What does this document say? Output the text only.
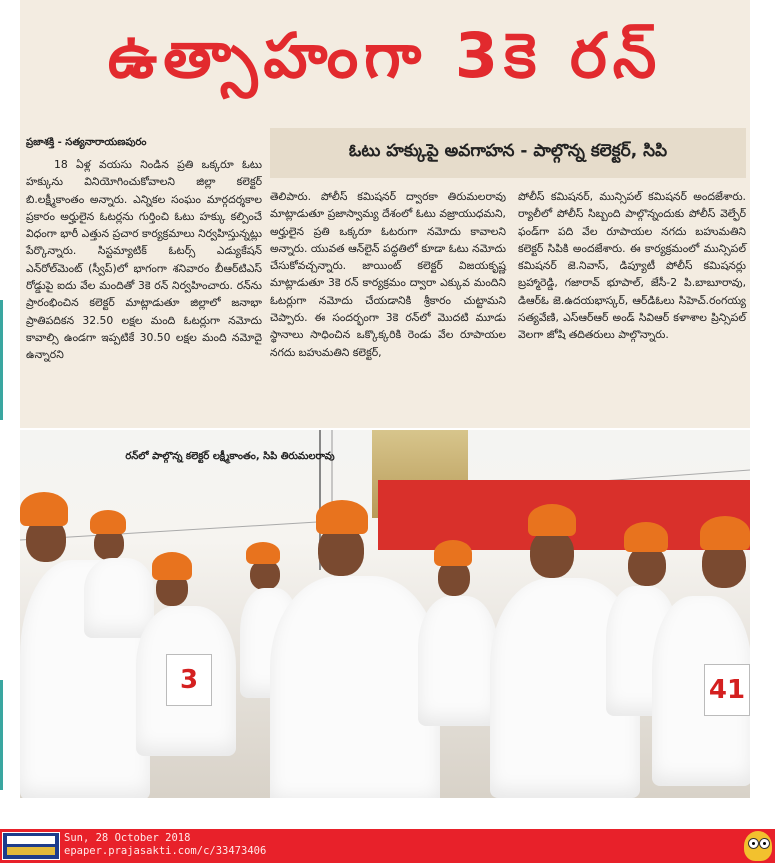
ఉత్సాహంగా 3కె రన్
ప్రజాశక్తి - సత్యనారాయణపురం	ఓటు హక్కుపై అవగాహన - పాల్గొన్న కలెక్టర్, సిపి
18 ఏళ్ల వయసు నిండిన ప్రతి ఒక్కరూ ఓటు హక్కును వినియోగించుకోవాలని జిల్లా కలెక్టర్ బి.లక్ష్మీకాంతం అన్నారు. ఎన్నికల సంఘం మార్గదర్శకాల ప్రకారం అర్హులైన ఓటర్లను గుర్తించి ఓటు హక్కు కల్పించే విధంగా భారీ ఎత్తున ప్రచార కార్యక్రమాలు నిర్వహిస్తున్నట్లు పేర్కొన్నారు. సిస్టమ్యాటిక్ ఓటర్స్ ఎడ్యుకేషన్ ఎన్‌రోల్‌మెంట్ (స్వీప్)లో భాగంగా శనివారం బీఆర్‌టిఎస్ రోడ్డుపై ఐదు వేల మందితో 3కె రన్ నిర్వహించారు. రన్‌ను ప్రారంభించిన కలెక్టర్ మాట్లాడుతూ జిల్లాలో జనాభా ప్రాతిపదికన 32.50 లక్షల మంది ఓటర్లుగా నమోదు కావాల్సి ఉండగా ఇప్పటికే 30.50 లక్షల మంది నమోదై ఉన్నారని
తెలిపారు. పోలీస్ కమిషనర్ ద్వారకా తిరుమలరావు మాట్లాడుతూ ప్రజాస్వామ్య దేశంలో ఓటు వజ్రాయుధమని, అర్హులైన ప్రతి ఒక్కరూ ఓటరుగా నమోదు కావాలని అన్నారు. యువత ఆన్‌లైన్ పద్ధతిలో కూడా ఓటు నమోదు చేసుకోవచ్చన్నారు. జాయింట్ కలెక్టర్ విజయకృష్ణ మాట్లాడుతూ 3కె రన్ కార్యక్రమం ద్వారా ఎక్కువ మందిని ఓటర్లుగా నమోదు చేయడానికి శ్రీకారం చుట్టామని చెప్పారు. ఈ సందర్భంగా 3కె రన్‌లో మొదటి మూడు స్థానాలు సాధించిన ఒక్కొక్కరికి రెండు వేల రూపాయల నగదు బహుమతిని కలెక్టర్,
పోలీస్ కమిషనర్, మున్సిపల్ కమిషనర్ అందజేశారు. ర్యాలీలో పోలీస్ సిబ్బంది పాల్గొన్నందుకు పోలీస్ వెల్ఫేర్ ఫండ్‌గా పది వేల రూపాయల నగదు బహుమతిని కలెక్టర్ సిపికి అందజేశారు. ఈ కార్యక్రమంలో మున్సిపల్ కమిషనర్ జె.నివాస్, డిప్యూటీ పోలీస్ కమిషనర్లు బ్రహ్మారెడ్డి, గజారావ్ భూపాల్, జేసీ-2 పి.బాబూరావు, డిఆర్‌ఓ జె.ఉదయభాస్కర్, ఆర్‌డిఓలు సిహెచ్.రంగయ్య సత్యవేణి, ఎస్ఆర్ఆర్ అండ్ సివిఆర్ కళాశాల ప్రిన్సిపల్ వెలగా జోషి తదితరులు పాల్గొన్నారు.
రన్‌లో పాల్గొన్న కలెక్టర్ లక్ష్మీకాంతం, సిపి తిరుమలరావు
3	41
Sun, 28 October 2018
epaper.prajasakti.com/c/33473406
